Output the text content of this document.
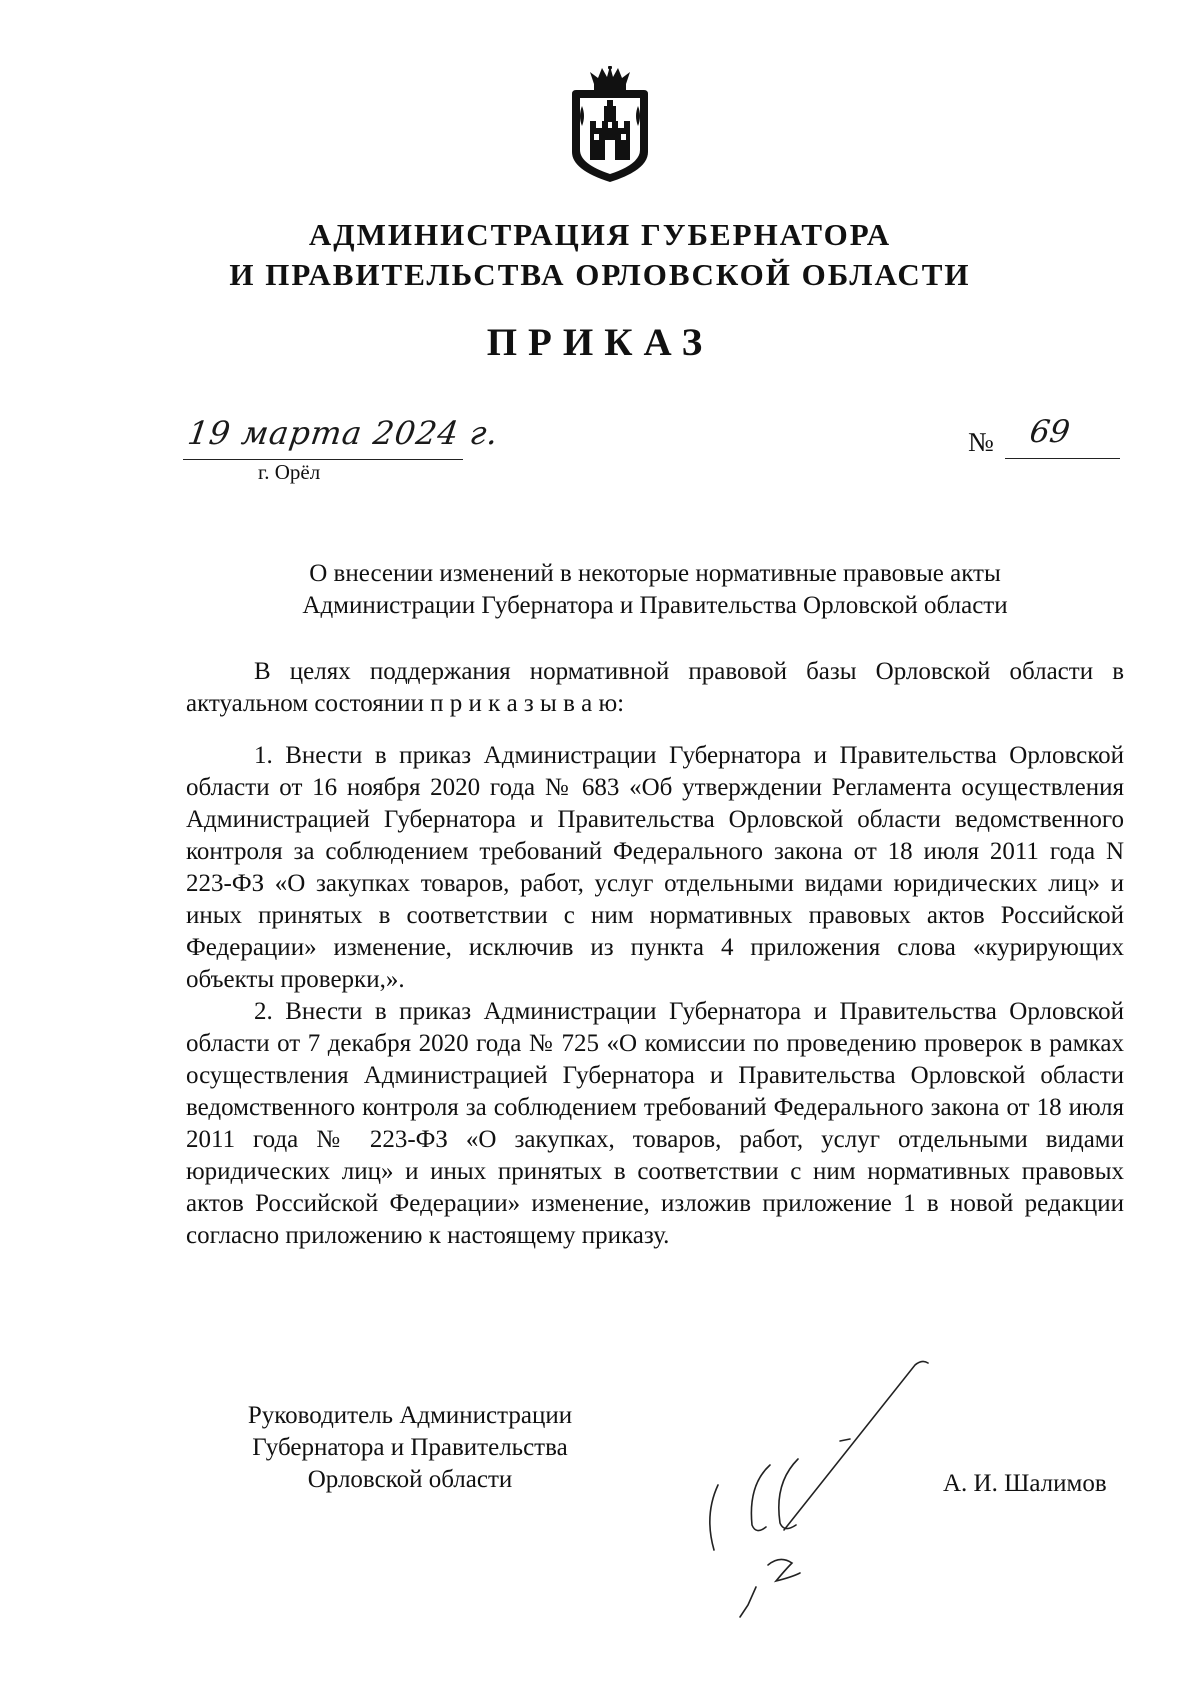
АДМИНИСТРАЦИЯ ГУБЕРНАТОРА
И ПРАВИТЕЛЬСТВА ОРЛОВСКОЙ ОБЛАСТИ
ПРИКАЗ
19 марта 2024 г.
г. Орёл
№ 69
О внесении изменений в некоторые нормативные правовые акты
Администрации Губернатора и Правительства Орловской области

В целях поддержания нормативной правовой базы Орловской области в актуальном состоянии п р и к а з ы в а ю:

1. Внести в приказ Администрации Губернатора и Правительства Орловской области от 16 ноября 2020 года № 683 «Об утверждении Регламента осуществления Администрацией Губернатора и Правительства Орловской области ведомственного контроля за соблюдением требований Федерального закона от 18 июля 2011 года N 223-ФЗ «О закупках товаров, работ, услуг отдельными видами юридических лиц» и иных принятых в соответствии с ним нормативных правовых актов Российской Федерации» изменение, исключив из пункта 4 приложения слова «курирующих объекты проверки,».

2. Внести в приказ Администрации Губернатора и Правительства Орловской области от 7 декабря 2020 года № 725 «О комиссии по проведению проверок в рамках осуществления Администрацией Губернатора и Правительства Орловской области ведомственного контроля за соблюдением требований Федерального закона от 18 июля 2011 года № 223-ФЗ «О закупках, товаров, работ, услуг отдельными видами юридических лиц» и иных принятых в соответствии с ним нормативных правовых актов Российской Федерации» изменение, изложив приложение 1 в новой редакции согласно приложению к настоящему приказу.

Руководитель Администрации
Губернатора и Правительства
Орловской области	А. И. Шалимов
